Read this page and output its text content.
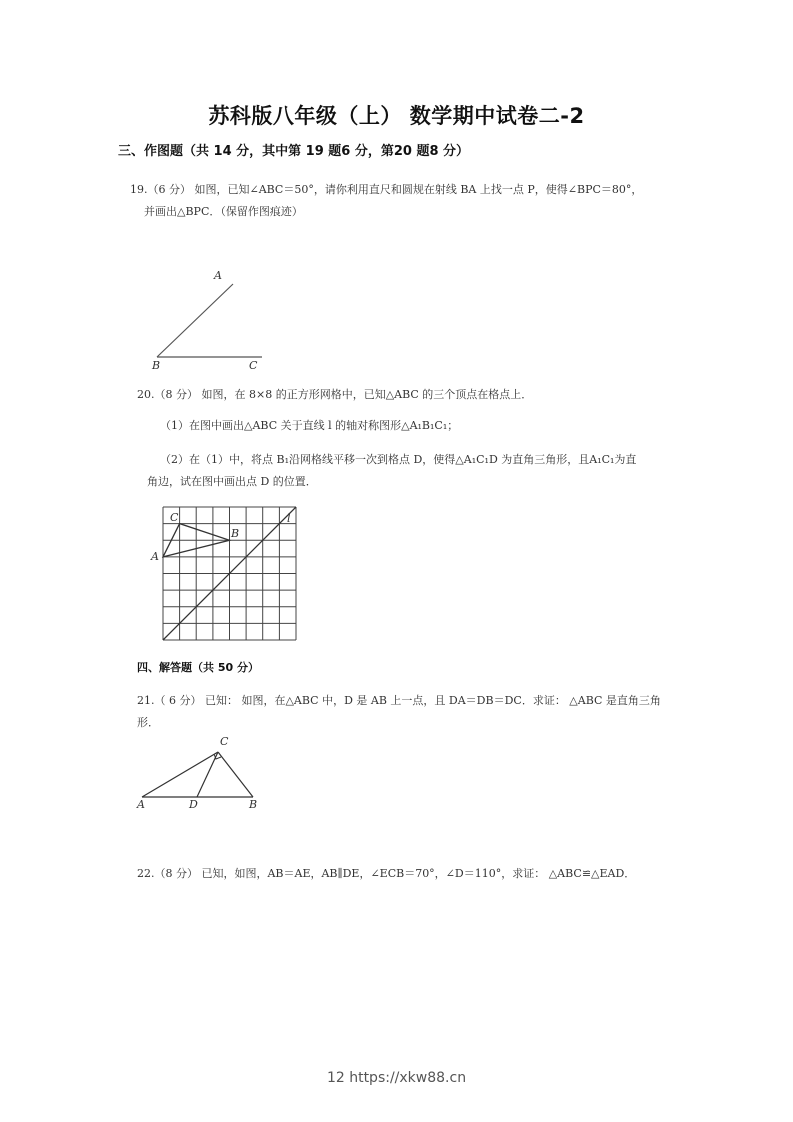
苏科版八年级（上） 数学期中试卷二-2
三、作图题（共 14 分，其中第 19 题6 分，第20 题8 分）
19.（6 分） 如图，已知∠ABC＝50°，请你利用直尺和圆规在射线 BA 上找一点 P，使得∠BPC＝80°，
并画出△BPC．（保留作图痕迹）
A
B	C
20.（8 分） 如图，在 8×8 的正方形网格中，已知△ABC 的三个顶点在格点上．
（1）在图中画出△ABC 关于直线 l 的轴对称图形△A₁B₁C₁；
（2）在（1）中，将点 B₁沿网格线平移一次到格点 D，使得△A₁C₁D 为直角三角形，且A₁C₁为直
角边，试在图中画出点 D 的位置．
C
B
A
l
四、解答题（共 50 分）
21.（ 6 分） 已知： 如图，在△ABC 中，D 是 AB 上一点，且 DA＝DB＝DC．求证： △ABC 是直角三角
形．
C
A	D	B
22.（8 分） 已知，如图，AB＝AE，AB∥DE，∠ECB＝70°，∠D＝110°，求证： △ABC≌△EAD．
12 https://xkw88.cn
